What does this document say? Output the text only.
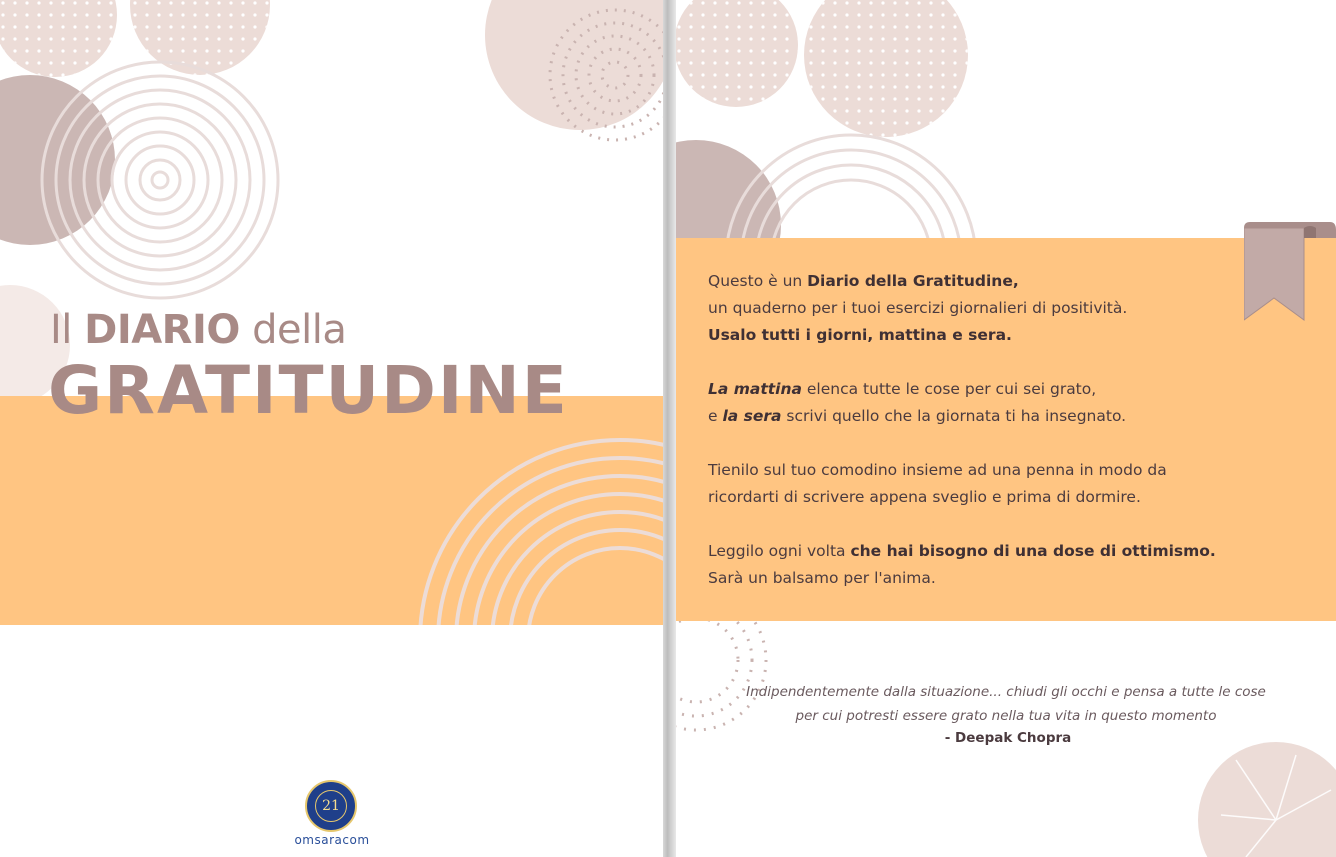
Il DIARIO della
GRATITUDINE
21
omsaracom

Questo è un Diario della Gratitudine,

un quaderno per i tuoi esercizi giornalieri di positività.

Usalo tutti i giorni, mattina e sera.

La mattina elenca tutte le cose per cui sei grato,

e la sera scrivi quello che la giornata ti ha insegnato.

Tienilo sul tuo comodino insieme ad una penna in modo da

ricordarti di scrivere appena sveglio e prima di dormire.

Leggilo ogni volta che hai bisogno di una dose di ottimismo.

Sarà un balsamo per l'anima.

Indipendentemente dalla situazione... chiudi gli occhi e pensa a tutte le cose
per cui potresti essere grato nella tua vita in questo momento
- Deepak Chopra
